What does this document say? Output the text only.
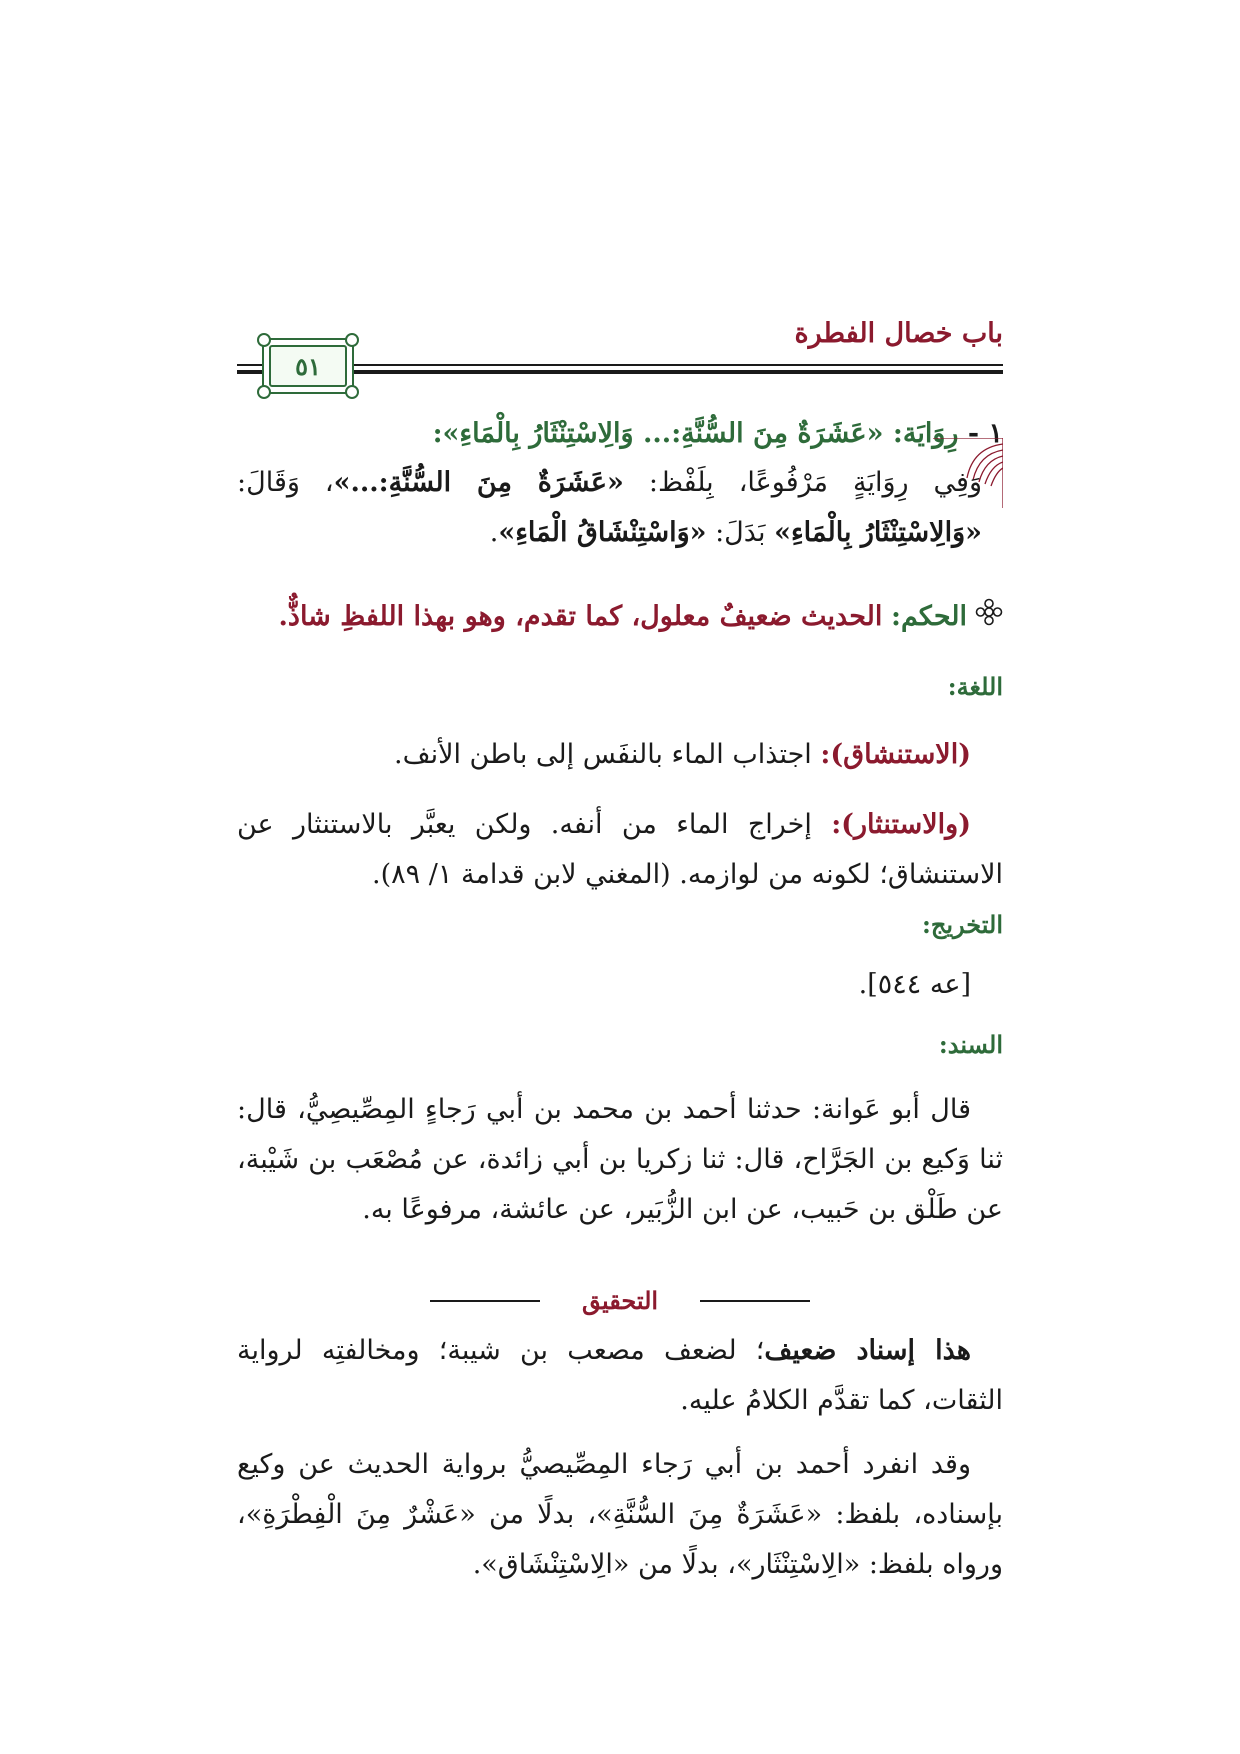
باب خصال الفطرة
٥١
١ - رِوَايَة: «عَشَرَةٌ مِنَ السُّنَّةِ:... وَالِاسْتِنْثَارُ بِالْمَاءِ»:
وَفِي رِوَايَةٍ مَرْفُوعًا، بِلَفْظ: «عَشَرَةٌ مِنَ السُّنَّةِ:...»، وَقَالَ: «وَالِاسْتِنْثَارُ بِالْمَاءِ» بَدَلَ: «وَاسْتِنْشَاقُ الْمَاءِ».
الحكم: الحديث ضعيفٌ معلول، كما تقدم، وهو بهذا اللفظِ شاذٌّ.
اللغة:
(الاستنشاق): اجتذاب الماء بالنفَس إلى باطن الأنف.
(والاستنثار): إخراج الماء من أنفه. ولكن يعبَّر بالاستنثار عن الاستنشاق؛ لكونه من لوازمه. (المغني لابن قدامة ١/ ٨٩).
التخريج:
[عه ٥٤٤].
السند:
قال أبو عَوانة: حدثنا أحمد بن محمد بن أبي رَجاءٍ المِصِّيصِيُّ، قال: ثنا وَكيع بن الجَرَّاح، قال: ثنا زكريا بن أبي زائدة، عن مُصْعَب بن شَيْبة، عن طَلْق بن حَبيب، عن ابن الزُّبَير، عن عائشة، مرفوعًا به.
التحقيق
هذا إسناد ضعيف؛ لضعف مصعب بن شيبة؛ ومخالفتِه لرواية الثقات، كما تقدَّم الكلامُ عليه.
وقد انفرد أحمد بن أبي رَجاء المِصِّيصيُّ برواية الحديث عن وكيع بإسناده، بلفظ: «عَشَرَةٌ مِنَ السُّنَّةِ»، بدلًا من «عَشْرٌ مِنَ الْفِطْرَةِ»، ورواه بلفظ: «الِاسْتِنْثَار»، بدلًا من «الِاسْتِنْشَاق».
